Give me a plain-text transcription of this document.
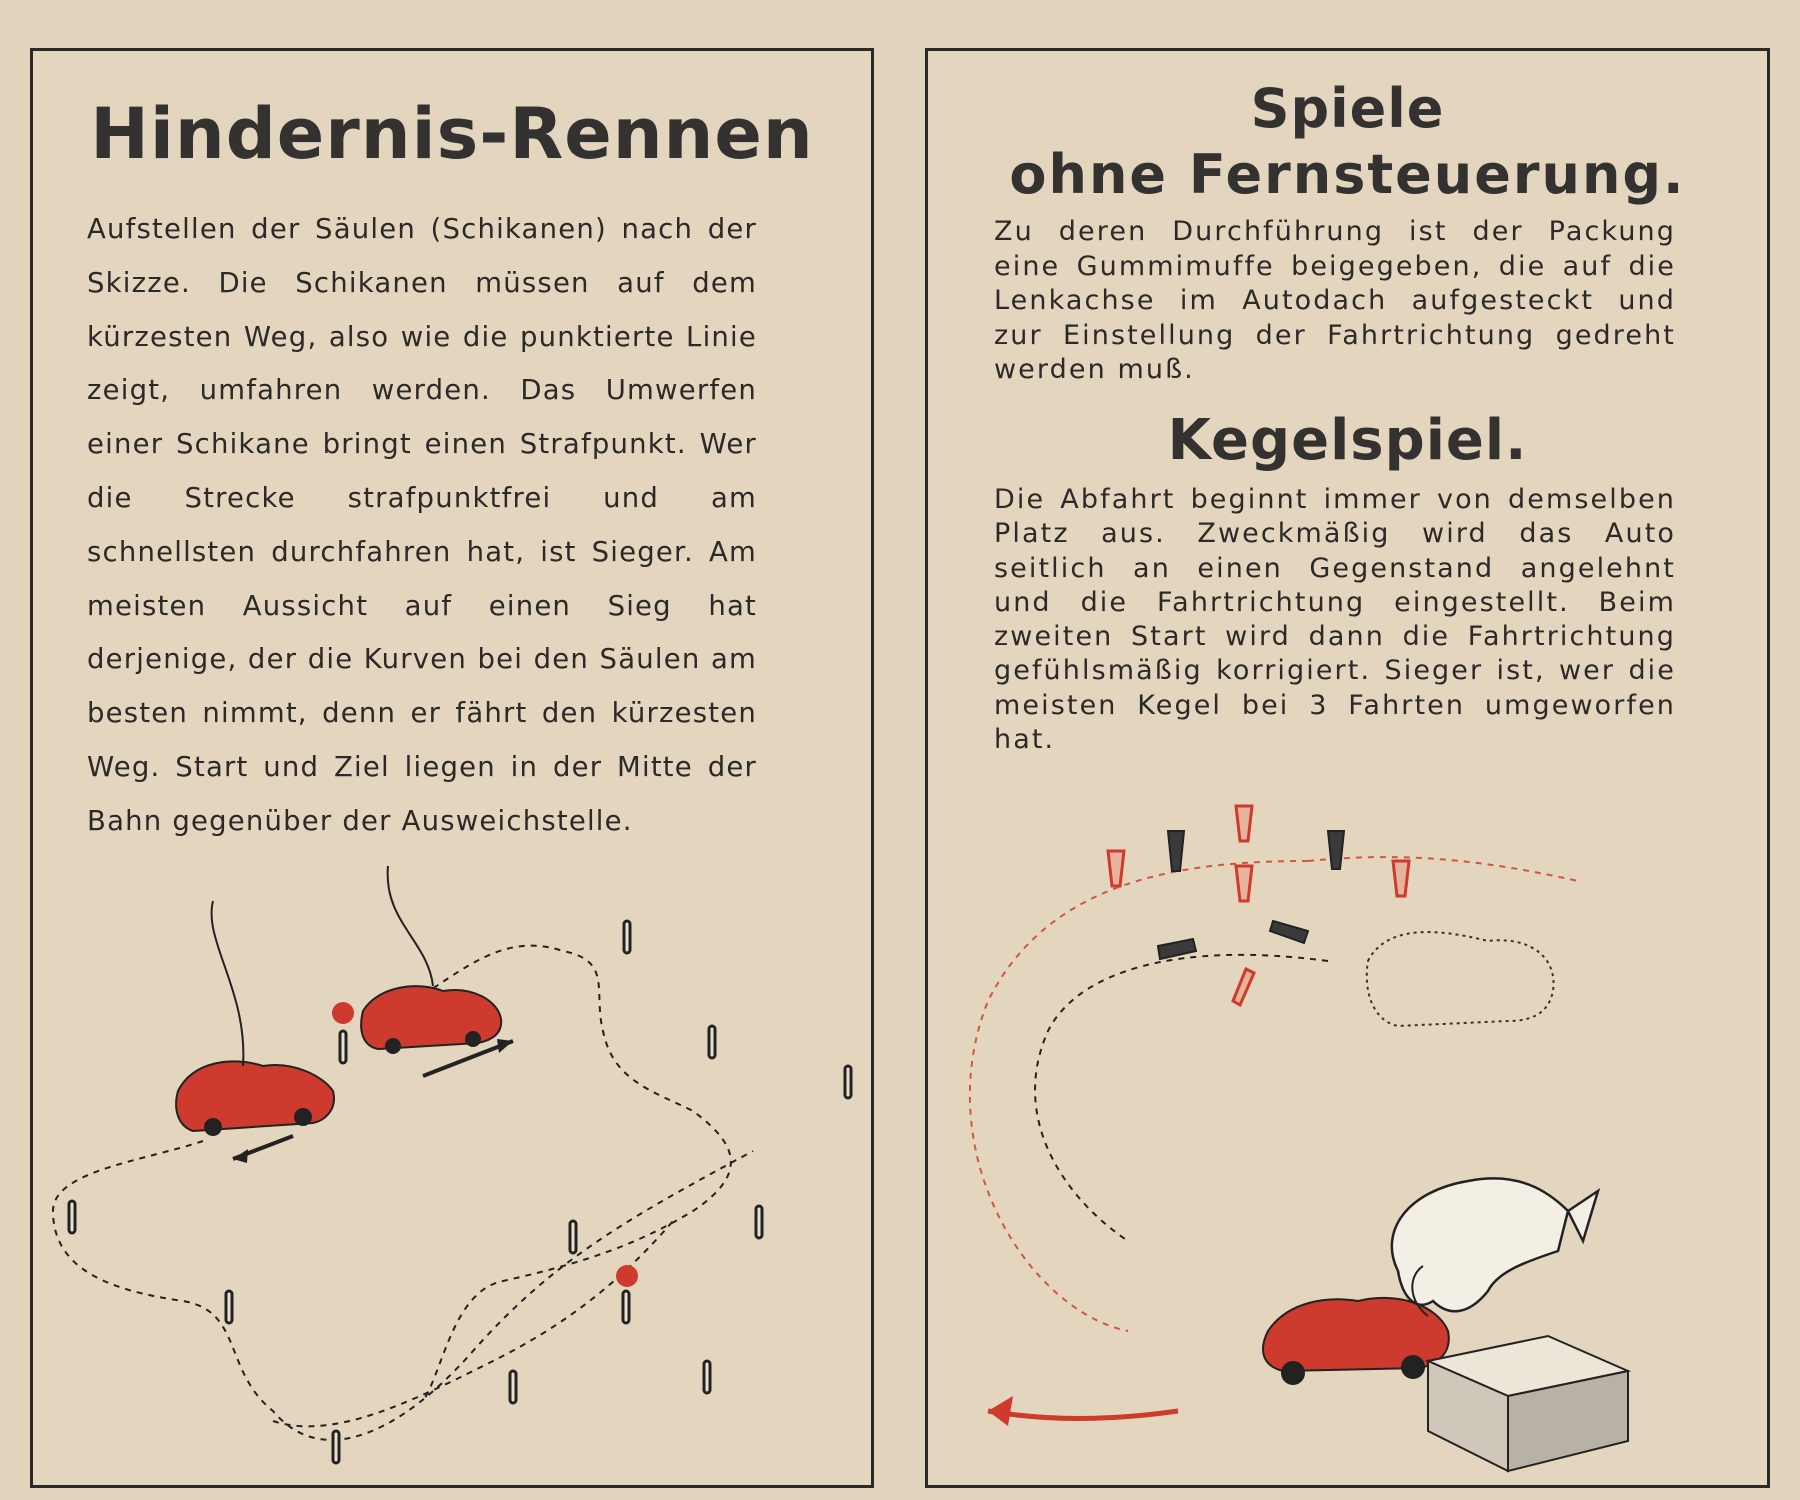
Hindernis-Rennen

Aufstellen der Säulen (Schikanen) nach der Skizze. Die Schikanen müssen auf dem kürzesten Weg, also wie die punktierte Linie zeigt, umfahren werden. Das Umwerfen einer Schikane bringt einen Strafpunkt. Wer die Strecke strafpunktfrei und am schnellsten durchfahren hat, ist Sieger. Am meisten Aussicht auf einen Sieg hat derjenige, der die Kurven bei den Säulen am besten nimmt, denn er fährt den kürzesten Weg. Start und Ziel liegen in der Mitte der Bahn gegenüber der Ausweichstelle.

Spiele
ohne Fernsteuerung.

Zu deren Durchführung ist der Packung eine Gummimuffe beigegeben, die auf die Lenkachse im Autodach aufgesteckt und zur Einstellung der Fahrtrichtung gedreht werden muß.

Kegelspiel.

Die Abfahrt beginnt immer von demselben Platz aus. Zweckmäßig wird das Auto seitlich an einen Gegenstand angelehnt und die Fahrtrichtung eingestellt. Beim zweiten Start wird dann die Fahrtrichtung gefühlsmäßig korrigiert. Sieger ist, wer die meisten Kegel bei 3 Fahrten umgeworfen hat.
